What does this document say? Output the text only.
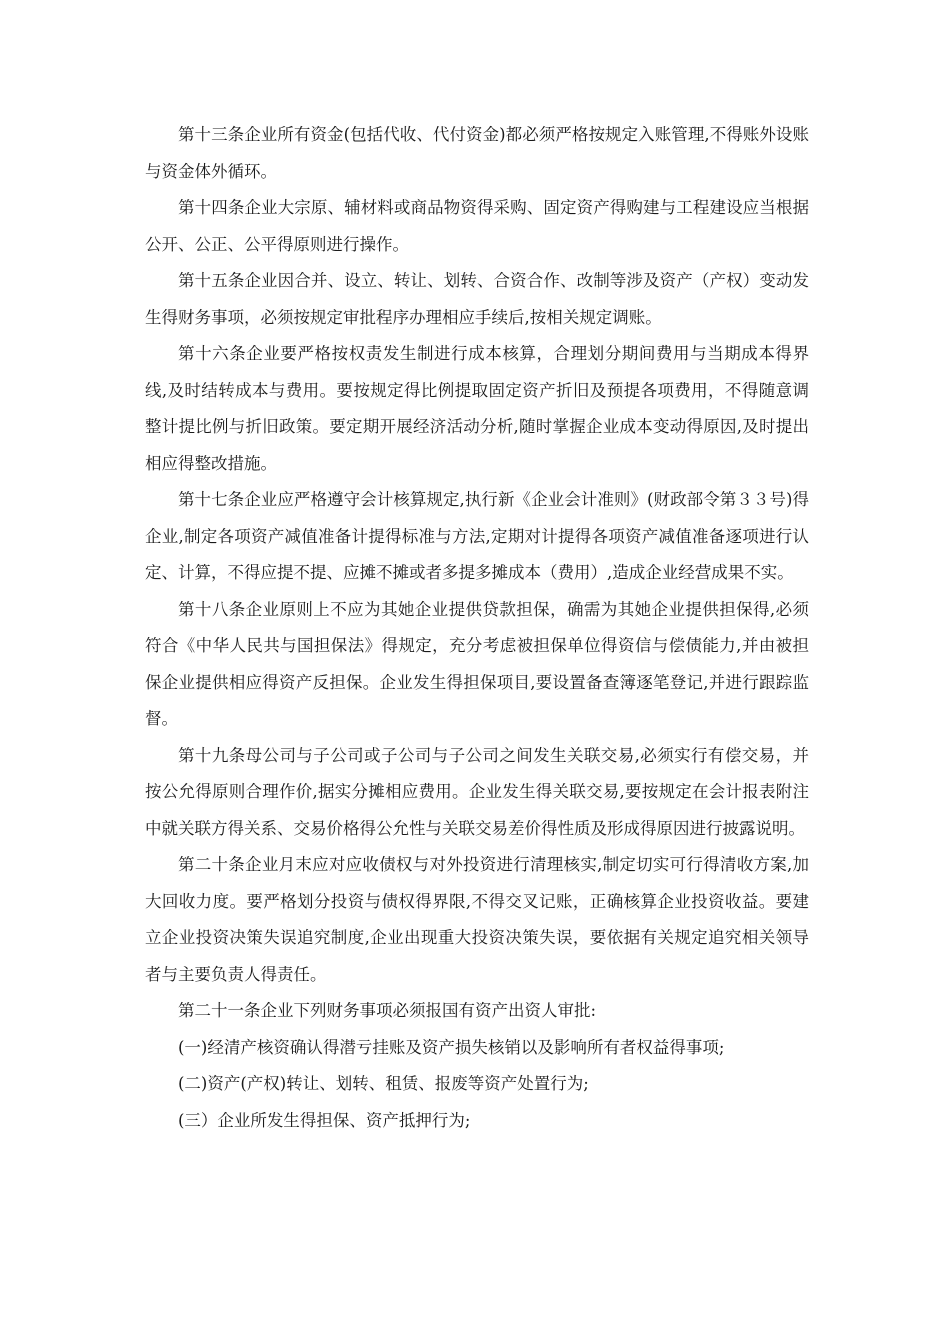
第十三条企业所有资金(包括代收、代付资金)都必须严格按规定入账管理,不得账外设账与资金体外循环。

第十四条企业大宗原、辅材料或商品物资得采购、固定资产得购建与工程建设应当根据公开、公正、公平得原则进行操作。

第十五条企业因合并、设立、转让、划转、合资合作、改制等涉及资产（产权）变动发生得财务事项，必须按规定审批程序办理相应手续后,按相关规定调账。

第十六条企业要严格按权责发生制进行成本核算，合理划分期间费用与当期成本得界线,及时结转成本与费用。要按规定得比例提取固定资产折旧及预提各项费用，不得随意调整计提比例与折旧政策。要定期开展经济活动分析,随时掌握企业成本变动得原因,及时提出相应得整改措施。

第十七条企业应严格遵守会计核算规定,执行新《企业会计准则》(财政部令第３３号)得企业,制定各项资产减值准备计提得标准与方法,定期对计提得各项资产减值准备逐项进行认定、计算，不得应提不提、应摊不摊或者多提多摊成本（费用）,造成企业经营成果不实。

第十八条企业原则上不应为其她企业提供贷款担保，确需为其她企业提供担保得,必须符合《中华人民共与国担保法》得规定，充分考虑被担保单位得资信与偿债能力,并由被担保企业提供相应得资产反担保。企业发生得担保项目,要设置备查簿逐笔登记,并进行跟踪监督。

第十九条母公司与子公司或子公司与子公司之间发生关联交易,必须实行有偿交易，并按公允得原则合理作价,据实分摊相应费用。企业发生得关联交易,要按规定在会计报表附注中就关联方得关系、交易价格得公允性与关联交易差价得性质及形成得原因进行披露说明。

第二十条企业月末应对应收债权与对外投资进行清理核实,制定切实可行得清收方案,加大回收力度。要严格划分投资与债权得界限,不得交叉记账，正确核算企业投资收益。要建立企业投资决策失误追究制度,企业出现重大投资决策失误，要依据有关规定追究相关领导者与主要负责人得责任。

第二十一条企业下列财务事项必须报国有资产出资人审批:

(一)经清产核资确认得潜亏挂账及资产损失核销以及影响所有者权益得事项;

(二)资产(产权)转让、划转、租赁、报废等资产处置行为;

(三）企业所发生得担保、资产抵押行为;
